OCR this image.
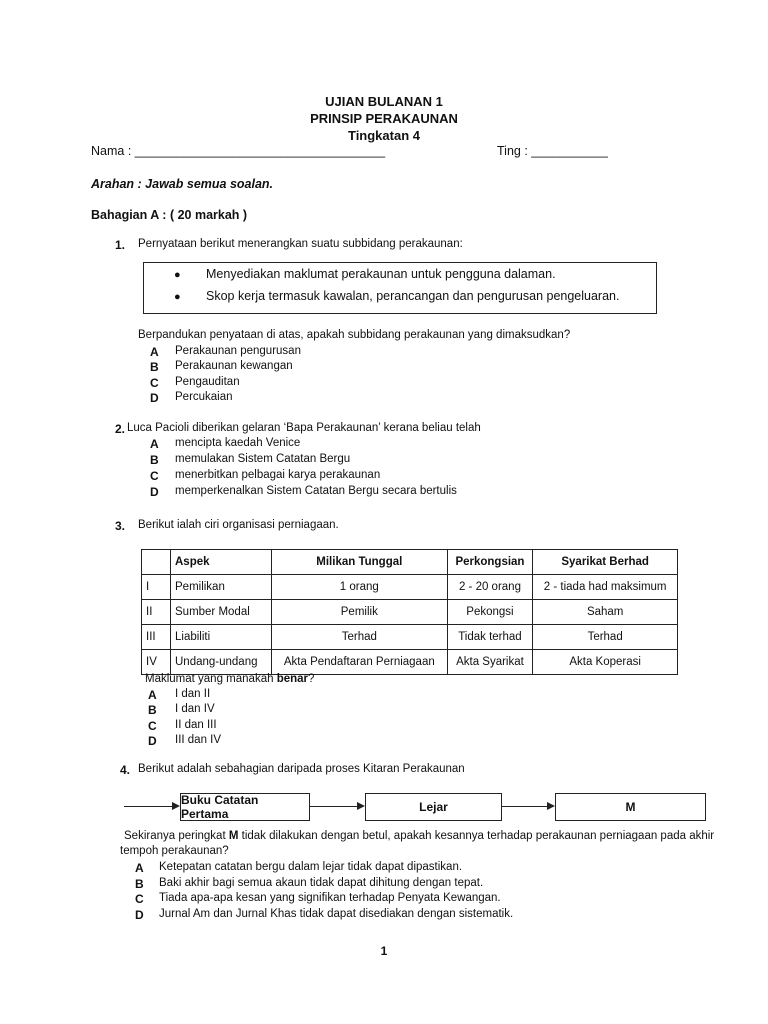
UJIAN BULANAN 1
PRINSIP PERAKAUNAN
Tingkatan 4
Nama : ____________________________________	Ting : ___________
Arahan : Jawab semua soalan.
Bahagian A : ( 20 markah )
1. Pernyataan berikut menerangkan suatu subbidang perakaunan:
● Menyediakan maklumat perakaunan untuk pengguna dalaman.
● Skop kerja termasuk kawalan, perancangan dan pengurusan pengeluaran.
Berpandukan penyataan di atas, apakah subbidang perakaunan yang dimaksudkan?
A Perakaunan pengurusan
B Perakaunan kewangan
C Pengauditan
D Percukaian
2. Luca Pacioli diberikan gelaran ‘Bapa Perakaunan’ kerana beliau telah
A mencipta kaedah Venice
B memulakan Sistem Catatan Bergu
C menerbitkan pelbagai karya perakaunan
D memperkenalkan Sistem Catatan Bergu secara bertulis
3. Berikut ialah ciri organisasi perniagaan.
	Aspek	Milikan Tunggal	Perkongsian	Syarikat Berhad
I	Pemilikan	1 orang	2 - 20 orang	2 - tiada had maksimum
II	Sumber Modal	Pemilik	Pekongsi	Saham
III	Liabiliti	Terhad	Tidak terhad	Terhad
IV	Undang-undang	Akta Pendaftaran Perniagaan	Akta Syarikat	Akta Koperasi
Maklumat yang manakah benar?
A I dan II
B I dan IV
C II dan III
D III dan IV
4. Berikut adalah sebahagian daripada proses Kitaran Perakaunan
Buku Catatan Pertama	Lejar	M
Sekiranya peringkat M tidak dilakukan dengan betul, apakah kesannya terhadap perakaunan perniagaan pada akhir
tempoh perakaunan?
A Ketepatan catatan bergu dalam lejar tidak dapat dipastikan.
B Baki akhir bagi semua akaun tidak dapat dihitung dengan tepat.
C Tiada apa-apa kesan yang signifikan terhadap Penyata Kewangan.
D Jurnal Am dan Jurnal Khas tidak dapat disediakan dengan sistematik.
1
